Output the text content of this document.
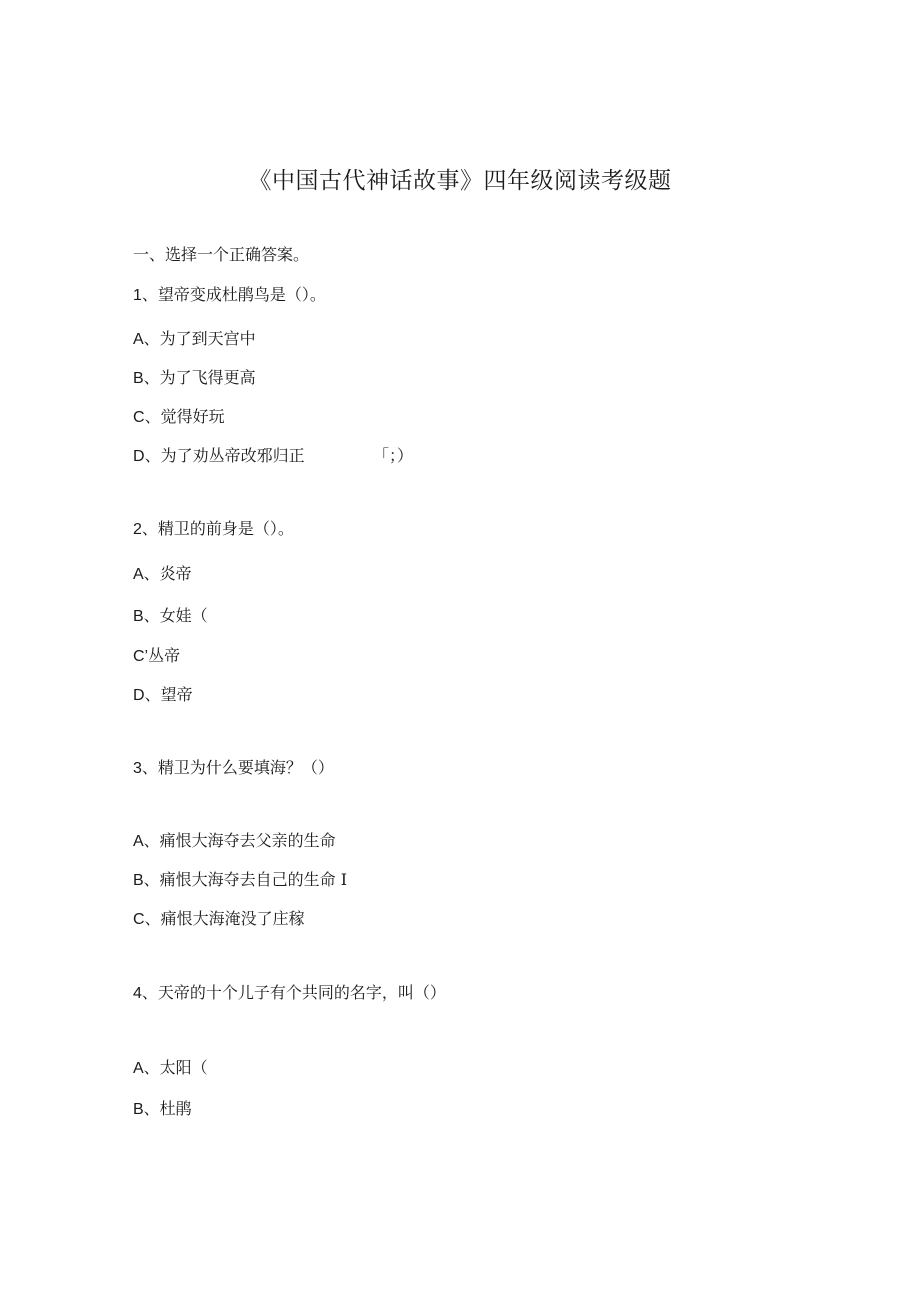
《中国古代神话故事》四年级阅读考级题
一、选择一个正确答案。
1、望帝变成杜鹃鸟是（）。
A、为了到天宫中
B、为了飞得更高
C、觉得好玩
D、为了劝丛帝改邪归正	「；）
2、精卫的前身是（）。
A、炎帝
B、女娃（
C’丛帝
D、望帝
3、精卫为什么要填海？（）
A、痛恨大海夺去父亲的生命
B、痛恨大海夺去自己的生命 I
C、痛恨大海淹没了庄稼
4、天帝的十个儿子有个共同的名字，叫（）
A、太阳（
B、杜鹃
